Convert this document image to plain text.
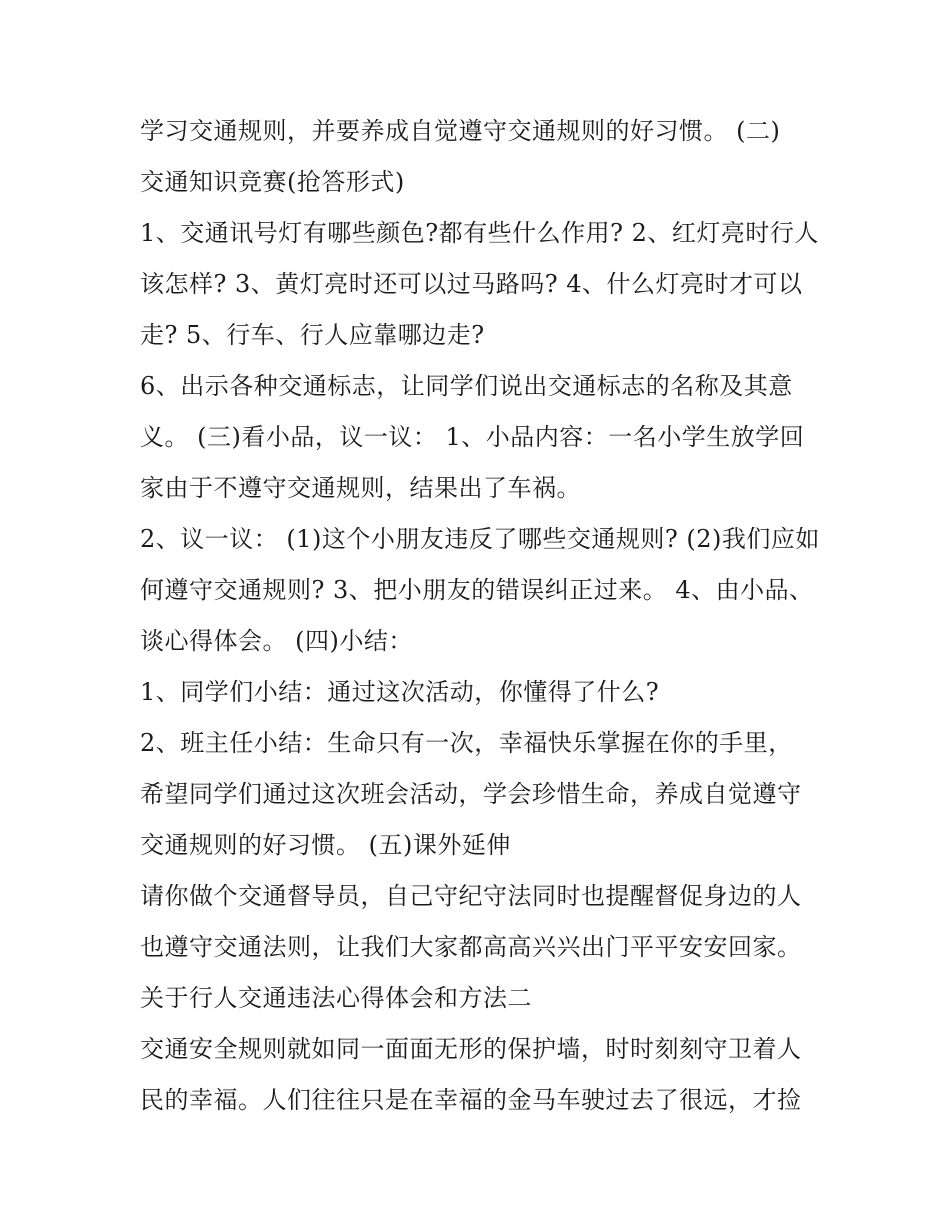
学习交通规则，并要养成自觉遵守交通规则的好习惯。 (二)
交通知识竞赛(抢答形式)
1、交通讯号灯有哪些颜色?都有些什么作用? 2、红灯亮时行人
该怎样? 3、黄灯亮时还可以过马路吗? 4、什么灯亮时才可以
走? 5、行车、行人应靠哪边走?
6、出示各种交通标志，让同学们说出交通标志的名称及其意
义。 (三)看小品，议一议： 1、小品内容：一名小学生放学回
家由于不遵守交通规则，结果出了车祸。
2、议一议： (1)这个小朋友违反了哪些交通规则? (2)我们应如
何遵守交通规则? 3、把小朋友的错误纠正过来。 4、由小品、
谈心得体会。 (四)小结：
1、同学们小结：通过这次活动，你懂得了什么?
2、班主任小结：生命只有一次，幸福快乐掌握在你的手里，
希望同学们通过这次班会活动，学会珍惜生命，养成自觉遵守
交通规则的好习惯。 (五)课外延伸
请你做个交通督导员，自己守纪守法同时也提醒督促身边的人
也遵守交通法则，让我们大家都高高兴兴出门平平安安回家。
关于行人交通违法心得体会和方法二
交通安全规则就如同一面面无形的保护墙，时时刻刻守卫着人
民的幸福。人们往往只是在幸福的金马车驶过去了很远，才捡
